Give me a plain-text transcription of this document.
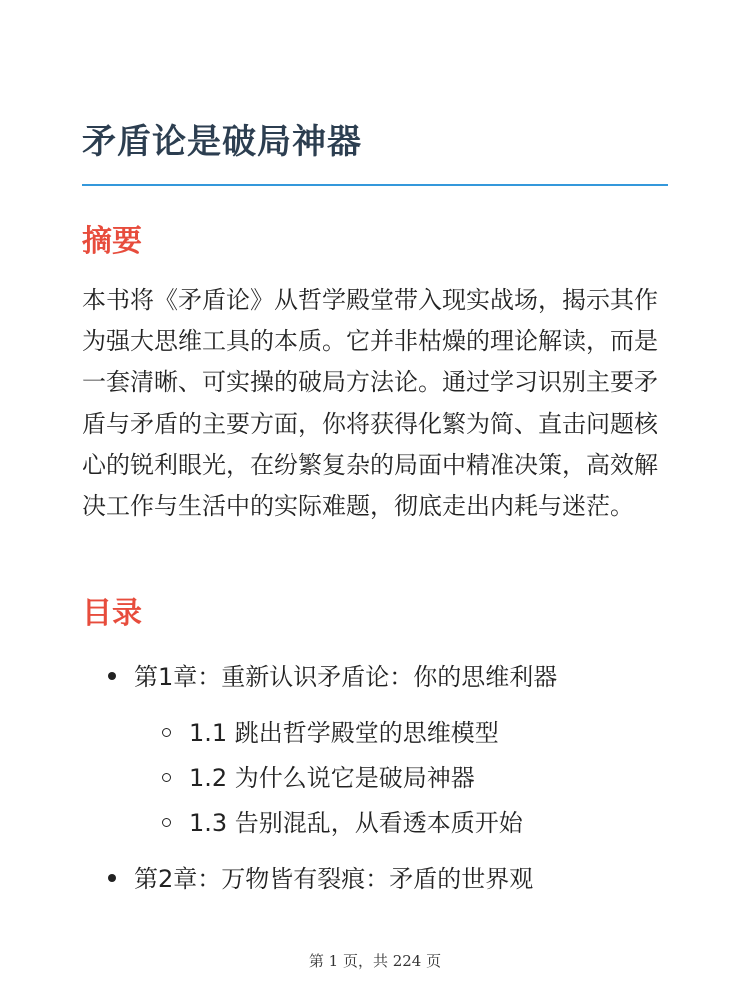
矛盾论是破局神器
摘要

本书将《矛盾论》从哲学殿堂带入现实战场，揭示其作为强大思维工具的本质。它并非枯燥的理论解读，而是一套清晰、可实操的破局方法论。通过学习识别主要矛盾与矛盾的主要方面，你将获得化繁为简、直击问题核心的锐利眼光，在纷繁复杂的局面中精准决策，高效解决工作与生活中的实际难题，彻底走出内耗与迷茫。

目录
第1章：重新认识矛盾论：你的思维利器
1.1 跳出哲学殿堂的思维模型
1.2 为什么说它是破局神器
1.3 告别混乱，从看透本质开始
第2章：万物皆有裂痕：矛盾的世界观
第 1 页，共 224 页
